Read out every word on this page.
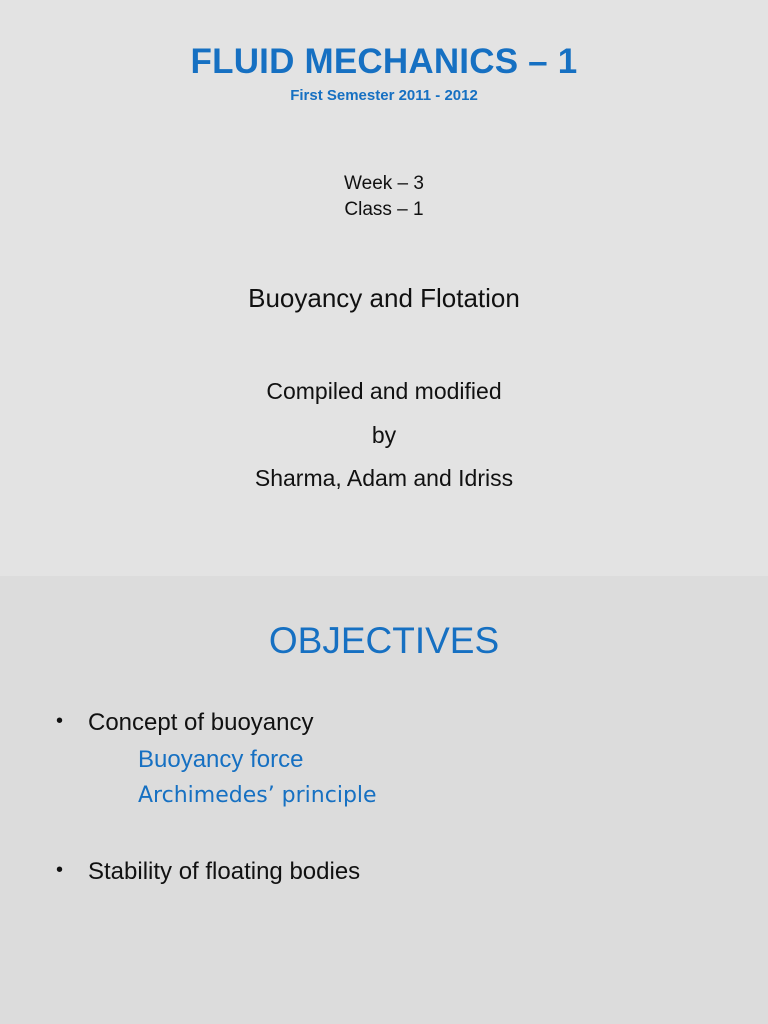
FLUID MECHANICS – 1
First Semester 2011 - 2012
Week – 3
Class – 1
Buoyancy and Flotation
Compiled and modified
by
Sharma, Adam and Idriss
OBJECTIVES
• Concept of buoyancy
Buoyancy force
Archimedes’ principle
• Stability of floating bodies
